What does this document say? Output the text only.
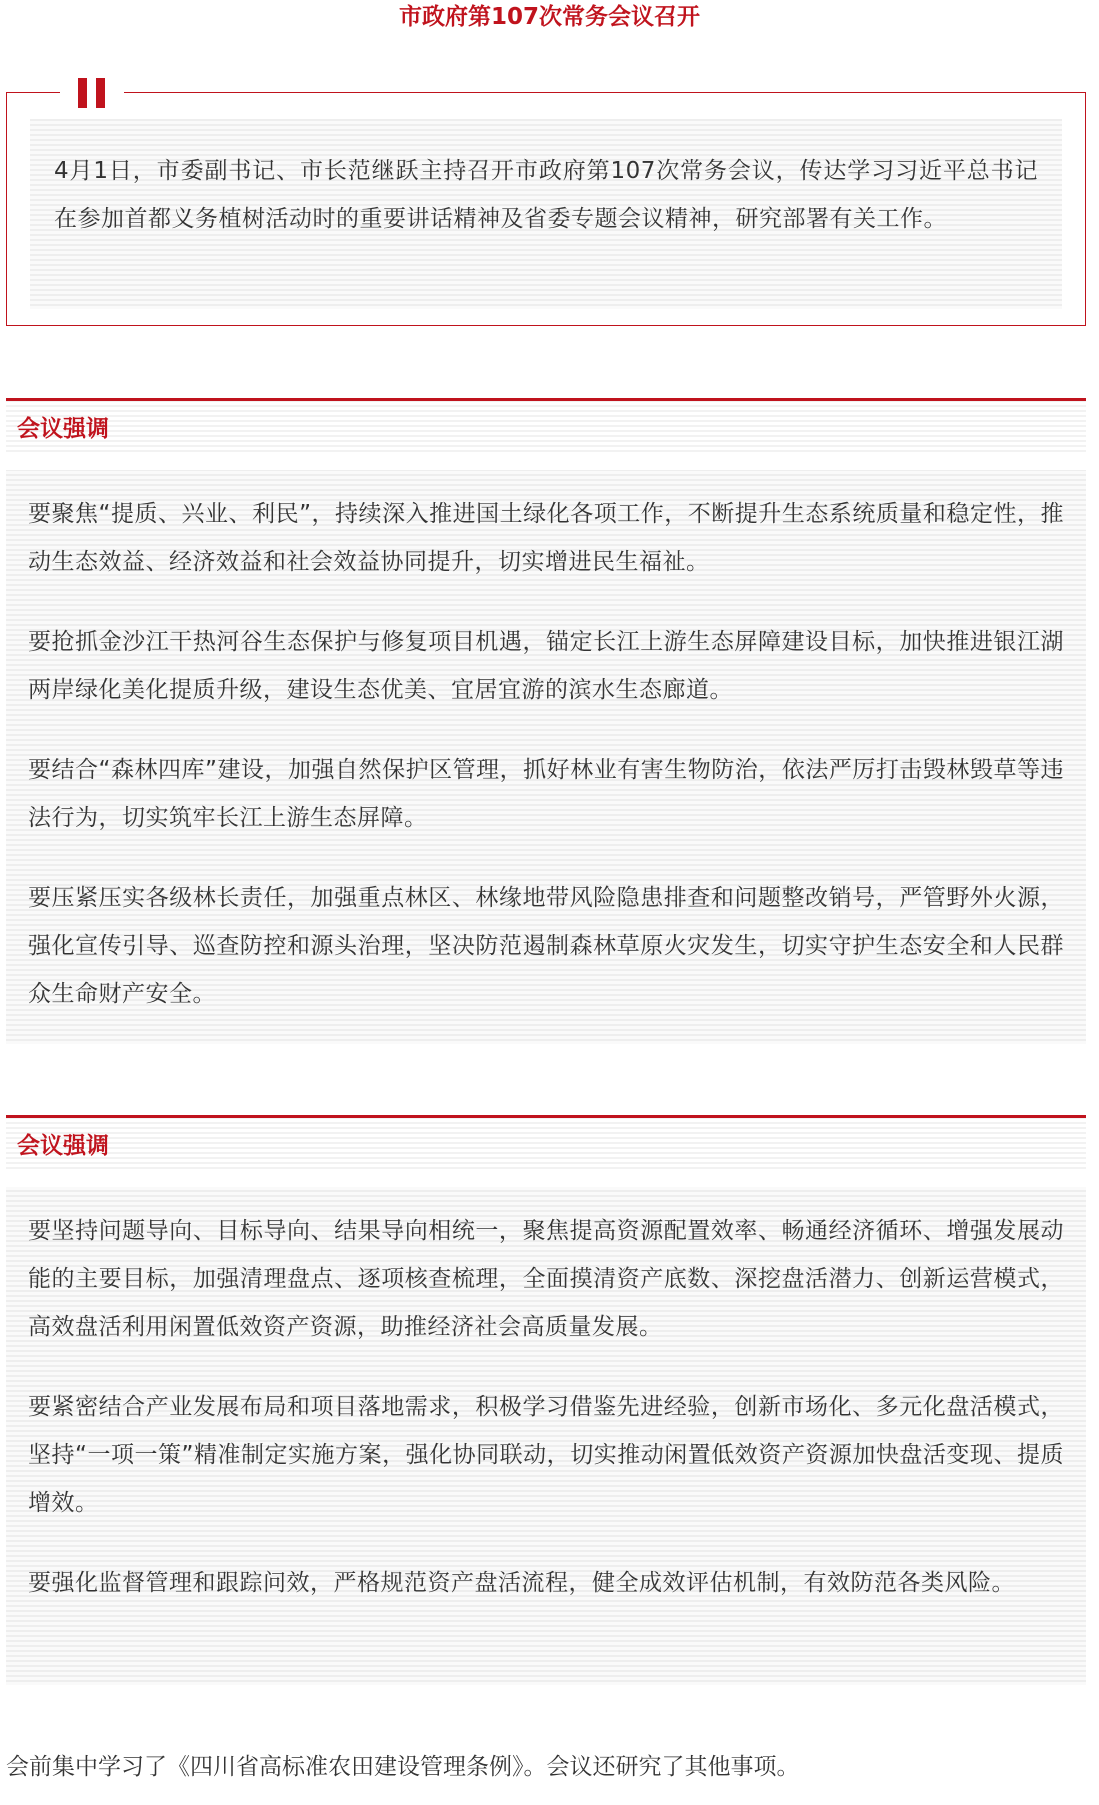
市政府第107次常务会议召开

4月1日，市委副书记、市长范继跃主持召开市政府第107次常务会议，传达学习习近平总书记在参加首都义务植树活动时的重要讲话精神及省委专题会议精神，研究部署有关工作。

会议强调

要聚焦“提质、兴业、利民”，持续深入推进国土绿化各项工作，不断提升生态系统质量和稳定性，推动生态效益、经济效益和社会效益协同提升，切实增进民生福祉。

要抢抓金沙江干热河谷生态保护与修复项目机遇，锚定长江上游生态屏障建设目标，加快推进银江湖两岸绿化美化提质升级，建设生态优美、宜居宜游的滨水生态廊道。

要结合“森林四库”建设，加强自然保护区管理，抓好林业有害生物防治，依法严厉打击毁林毁草等违法行为，切实筑牢长江上游生态屏障。

要压紧压实各级林长责任，加强重点林区、林缘地带风险隐患排查和问题整改销号，严管野外火源，强化宣传引导、巡查防控和源头治理，坚决防范遏制森林草原火灾发生，切实守护生态安全和人民群众生命财产安全。

会议强调

要坚持问题导向、目标导向、结果导向相统一，聚焦提高资源配置效率、畅通经济循环、增强发展动能的主要目标，加强清理盘点、逐项核查梳理，全面摸清资产底数、深挖盘活潜力、创新运营模式，高效盘活利用闲置低效资产资源，助推经济社会高质量发展。

要紧密结合产业发展布局和项目落地需求，积极学习借鉴先进经验，创新市场化、多元化盘活模式，坚持“一项一策”精准制定实施方案，强化协同联动，切实推动闲置低效资产资源加快盘活变现、提质增效。

要强化监督管理和跟踪问效，严格规范资产盘活流程，健全成效评估机制，有效防范各类风险。

会前集中学习了《四川省高标准农田建设管理条例》。会议还研究了其他事项。
